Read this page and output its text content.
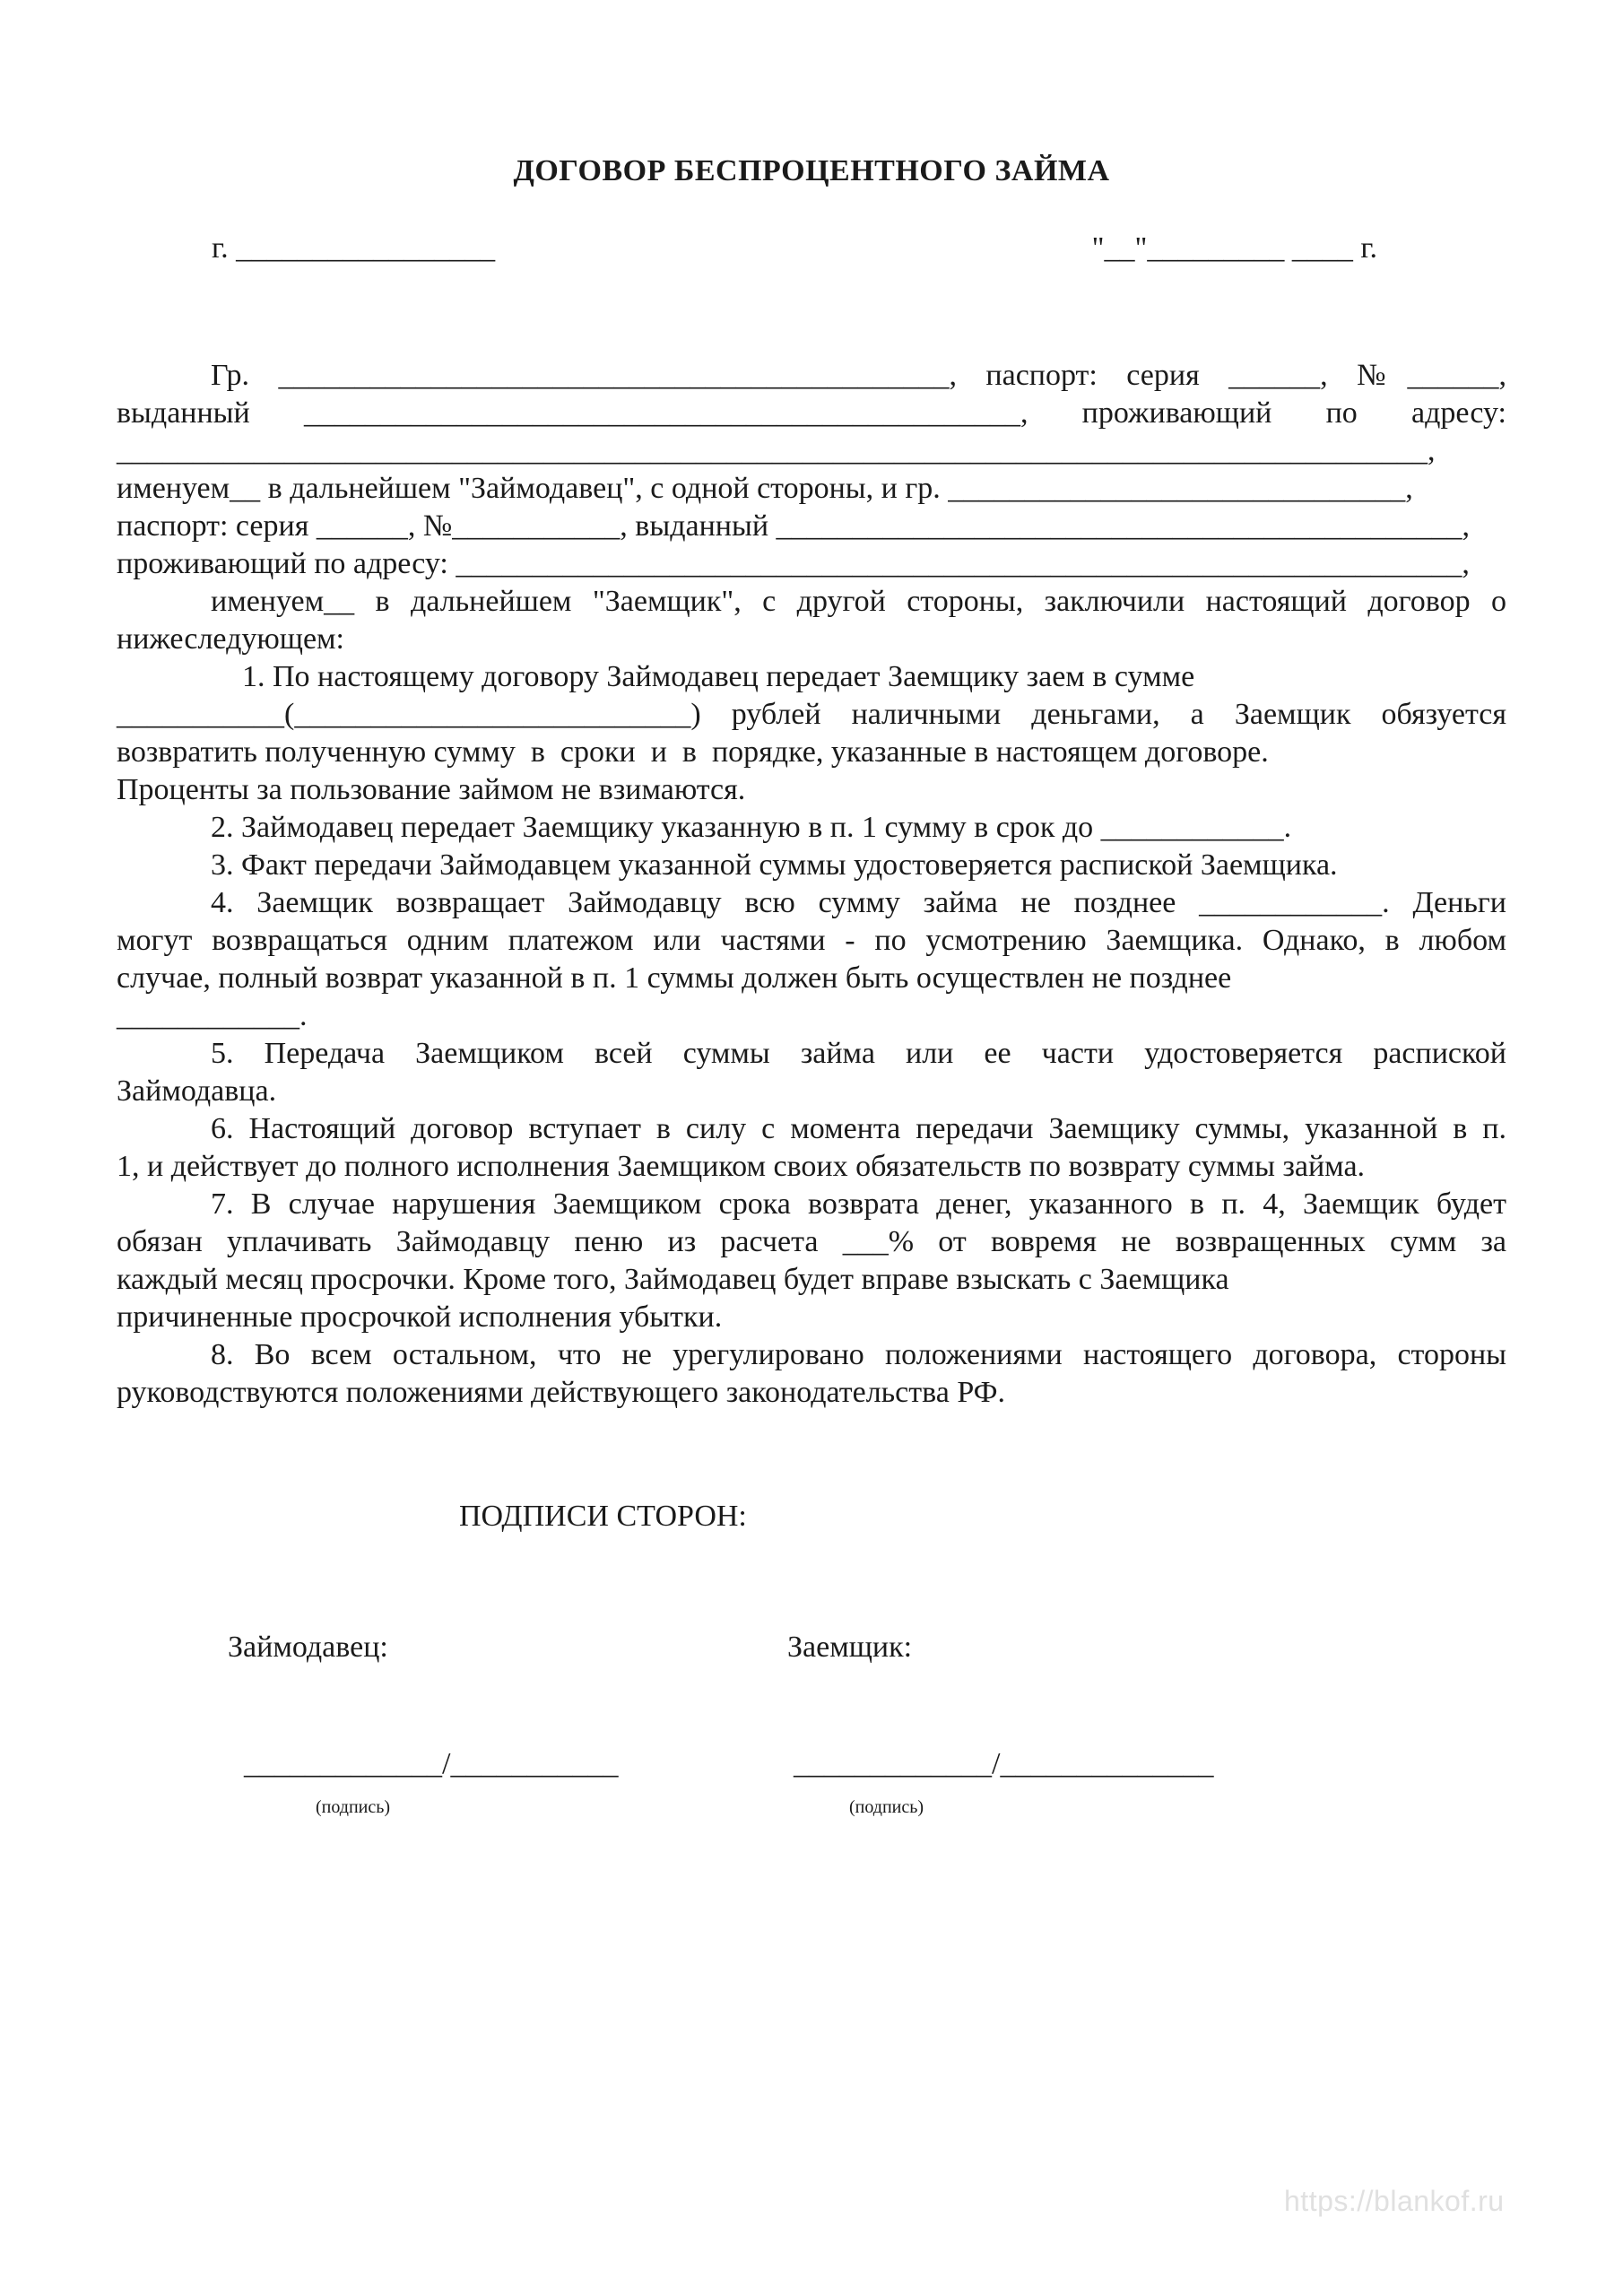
ДОГОВОР БЕСПРОЦЕНТНОГО ЗАЙМА
г. _________________	"__"_________ ____ г.
Гр. ____________________________________________, паспорт: серия ______, №______,
выданный _______________________________________________, проживающий по адресу:
______________________________________________________________________________________,
именуем__ в дальнейшем "Займодавец", с одной стороны, и гр. ______________________________,
паспорт: серия ______, №___________, выданный _____________________________________________,
проживающий по адресу: __________________________________________________________________,
именуем__ в дальнейшем "Заемщик", с другой стороны, заключили настоящий договор о
нижеследующем:
1. По настоящему договору Займодавец передает Заемщику заем в сумме
___________(__________________________) рублей наличными деньгами, а Заемщик обязуется
возвратить полученную сумму  в  сроки  и  в  порядке, указанные в настоящем договоре.
Проценты за пользование займом не взимаются.
2. Займодавец передает Заемщику указанную в п. 1 сумму в срок до ____________.
3. Факт передачи Займодавцем указанной суммы удостоверяется распиской Заемщика.
4. Заемщик возвращает Займодавцу всю сумму займа не позднее ____________. Деньги
могут возвращаться одним платежом или частями - по усмотрению Заемщика. Однако, в любом
случае, полный возврат указанной в п. 1 суммы должен быть осуществлен не позднее
____________.
5. Передача Заемщиком всей суммы займа или ее части удостоверяется распиской
Займодавца.
6. Настоящий договор вступает в силу с момента передачи Заемщику суммы, указанной в п.
1, и действует до полного исполнения Заемщиком своих обязательств по возврату суммы займа.
7. В случае нарушения Заемщиком срока возврата денег, указанного в п. 4, Заемщик будет
обязан уплачивать Займодавцу пеню из расчета ___% от вовремя не возвращенных сумм за
каждый месяц просрочки. Кроме того, Займодавец будет вправе взыскать с Заемщика
причиненные просрочкой исполнения убытки.
8. Во всем остальном, что не урегулировано положениями настоящего договора, стороны
руководствуются положениями действующего законодательства РФ.
ПОДПИСИ СТОРОН:
Займодавец:	Заемщик:
_____________/___________	_____________/______________
(подпись)	(подпись)
https://blankof.ru
